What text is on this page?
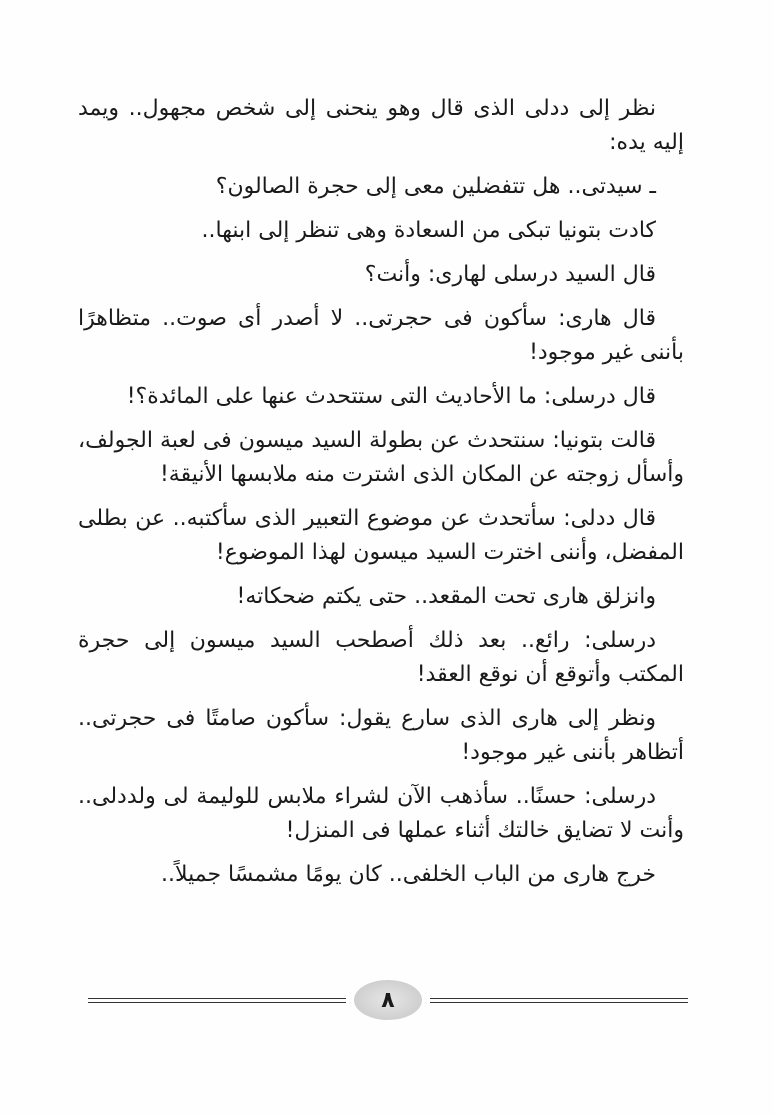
نظر إلى ددلى الذى قال وهو ينحنى إلى شخص مجهول.. ويمد إليه يده:

ـ سيدتى.. هل تتفضلين معى إلى حجرة الصالون؟

كادت بتونيا تبكى من السعادة وهى تنظر إلى ابنها..

قال السيد درسلى لهارى: وأنت؟

قال هارى: سأكون فى حجرتى.. لا أصدر أى صوت.. متظاهرًا بأننى غير موجود!

قال درسلى: ما الأحاديث التى ستتحدث عنها على المائدة؟!

قالت بتونيا: سنتحدث عن بطولة السيد ميسون فى لعبة الجولف، وأسأل زوجته عن المكان الذى اشترت منه ملابسها الأنيقة!

قال ددلى: سأتحدث عن موضوع التعبير الذى سأكتبه.. عن بطلى المفضل، وأننى اخترت السيد ميسون لهذا الموضوع!

وانزلق هارى تحت المقعد.. حتى يكتم ضحكاته!

درسلى: رائع.. بعد ذلك أصطحب السيد ميسون إلى حجرة المكتب وأتوقع أن نوقع العقد!

ونظر إلى هارى الذى سارع يقول: سأكون صامتًا فى حجرتى.. أتظاهر بأننى غير موجود!

درسلى: حسنًا.. سأذهب الآن لشراء ملابس للوليمة لى ولددلى.. وأنت لا تضايق خالتك أثناء عملها فى المنزل!

خرج هارى من الباب الخلفى.. كان يومًا مشمسًا جميلاً..

٨
